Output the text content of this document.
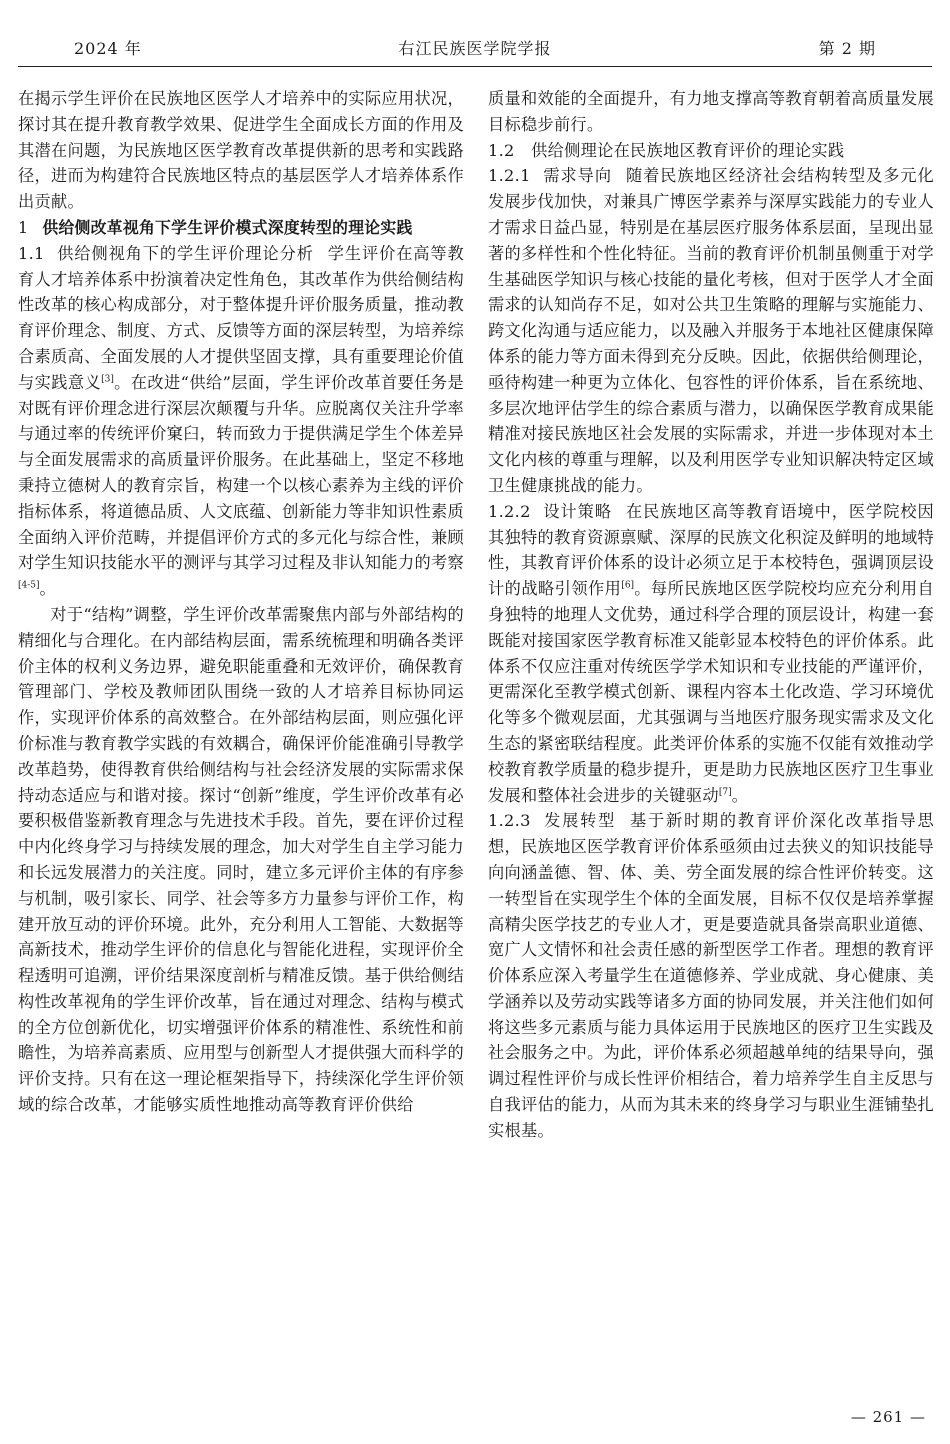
2024 年	右江民族医学院学报	第 2 期

在揭示学生评价在民族地区医学人才培养中的实际应用状况，探讨其在提升教育教学效果、促进学生全面成长方面的作用及其潜在问题，为民族地区医学教育改革提供新的思考和实践路径，进而为构建符合民族地区特点的基层医学人才培养体系作出贡献。

1 供给侧改革视角下学生评价模式深度转型的理论实践

1.1 供给侧视角下的学生评价理论分析 学生评价在高等教育人才培养体系中扮演着决定性角色，其改革作为供给侧结构性改革的核心构成部分，对于整体提升评价服务质量，推动教育评价理念、制度、方式、反馈等方面的深层转型，为培养综合素质高、全面发展的人才提供坚固支撑，具有重要理论价值与实践意义[3]。在改进“供给”层面，学生评价改革首要任务是对既有评价理念进行深层次颠覆与升华。应脱离仅关注升学率与通过率的传统评价窠臼，转而致力于提供满足学生个体差异与全面发展需求的高质量评价服务。在此基础上，坚定不移地秉持立德树人的教育宗旨，构建一个以核心素养为主线的评价指标体系，将道德品质、人文底蕴、创新能力等非知识性素质全面纳入评价范畴，并提倡评价方式的多元化与综合性，兼顾对学生知识技能水平的测评与其学习过程及非认知能力的考察[4-5]。

对于“结构”调整，学生评价改革需聚焦内部与外部结构的精细化与合理化。在内部结构层面，需系统梳理和明确各类评价主体的权利义务边界，避免职能重叠和无效评价，确保教育管理部门、学校及教师团队围绕一致的人才培养目标协同运作，实现评价体系的高效整合。在外部结构层面，则应强化评价标准与教育教学实践的有效耦合，确保评价能准确引导教学改革趋势，使得教育供给侧结构与社会经济发展的实际需求保持动态适应与和谐对接。探讨“创新”维度，学生评价改革有必要积极借鉴新教育理念与先进技术手段。首先，要在评价过程中内化终身学习与持续发展的理念，加大对学生自主学习能力和长远发展潜力的关注度。同时，建立多元评价主体的有序参与机制，吸引家长、同学、社会等多方力量参与评价工作，构建开放互动的评价环境。此外，充分利用人工智能、大数据等高新技术，推动学生评价的信息化与智能化进程，实现评价全程透明可追溯，评价结果深度剖析与精准反馈。基于供给侧结构性改革视角的学生评价改革，旨在通过对理念、结构与模式的全方位创新优化，切实增强评价体系的精准性、系统性和前瞻性，为培养高素质、应用型与创新型人才提供强大而科学的评价支持。只有在这一理论框架指导下，持续深化学生评价领域的综合改革，才能够实质性地推动高等教育评价供给

质量和效能的全面提升，有力地支撑高等教育朝着高质量发展目标稳步前行。

1.2　供给侧理论在民族地区教育评价的理论实践

1.2.1 需求导向 随着民族地区经济社会结构转型及多元化发展步伐加快，对兼具广博医学素养与深厚实践能力的专业人才需求日益凸显，特别是在基层医疗服务体系层面，呈现出显著的多样性和个性化特征。当前的教育评价机制虽侧重于对学生基础医学知识与核心技能的量化考核，但对于医学人才全面需求的认知尚存不足，如对公共卫生策略的理解与实施能力、跨文化沟通与适应能力，以及融入并服务于本地社区健康保障体系的能力等方面未得到充分反映。因此，依据供给侧理论，亟待构建一种更为立体化、包容性的评价体系，旨在系统地、多层次地评估学生的综合素质与潜力，以确保医学教育成果能精准对接民族地区社会发展的实际需求，并进一步体现对本土文化内核的尊重与理解，以及利用医学专业知识解决特定区域卫生健康挑战的能力。

1.2.2 设计策略 在民族地区高等教育语境中，医学院校因其独特的教育资源禀赋、深厚的民族文化积淀及鲜明的地域特性，其教育评价体系的设计必须立足于本校特色，强调顶层设计的战略引领作用[6]。每所民族地区医学院校均应充分利用自身独特的地理人文优势，通过科学合理的顶层设计，构建一套既能对接国家医学教育标准又能彰显本校特色的评价体系。此体系不仅应注重对传统医学学术知识和专业技能的严谨评价，更需深化至教学模式创新、课程内容本土化改造、学习环境优化等多个微观层面，尤其强调与当地医疗服务现实需求及文化生态的紧密联结程度。此类评价体系的实施不仅能有效推动学校教育教学质量的稳步提升，更是助力民族地区医疗卫生事业发展和整体社会进步的关键驱动[7]。

1.2.3 发展转型 基于新时期的教育评价深化改革指导思想，民族地区医学教育评价体系亟须由过去狭义的知识技能导向向涵盖德、智、体、美、劳全面发展的综合性评价转变。这一转型旨在实现学生个体的全面发展，目标不仅仅是培养掌握高精尖医学技艺的专业人才，更是要造就具备崇高职业道德、宽广人文情怀和社会责任感的新型医学工作者。理想的教育评价体系应深入考量学生在道德修养、学业成就、身心健康、美学涵养以及劳动实践等诸多方面的协同发展，并关注他们如何将这些多元素质与能力具体运用于民族地区的医疗卫生实践及社会服务之中。为此，评价体系必须超越单纯的结果导向，强调过程性评价与成长性评价相结合，着力培养学生自主反思与自我评估的能力，从而为其未来的终身学习与职业生涯铺垫扎实根基。

— 261 —
